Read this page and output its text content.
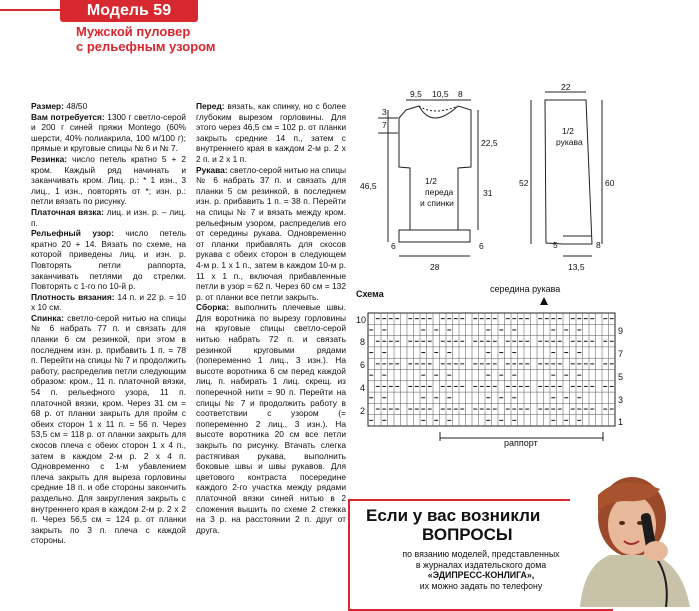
Модель 59
Мужской пуловер
с рельефным узором

Размер: 48/50

Вам потребуется: 1300 г светло-серой и 200 г синей пряжи Montego (60% шерсти, 40% полиакрила, 100 м/100 г); прямые и круговые спицы № 6 и № 7.

Резинка: число петель кратно 5 + 2 кром. Каждый ряд начинать и заканчивать кром. Лиц. р.: * 1 изн., 3 лиц., 1 изн., повторять от *; изн. р.: петли вязать по рисунку.

Платочная вязка: лиц. и изн. р. – лиц. п.

Рельефный узор: число петель кратно 20 + 14. Вязать по схеме, на которой приведены лиц. и изн. р. Повторять петли раппорта, заканчивать петлями до стрелки. Повторять с 1-го по 10-й р.

Плотность вязания: 14 п. и 22 р. = 10 х 10 см.

Спинка: светло-серой нитью на спицы № 6 набрать 77 п. и связать для планки 6 см резинкой, при этом в последнем изн. р. прибавить 1 п. = 78 п. Перейти на спицы № 7 и продолжить работу, распределив петли следующим образом: кром., 11 п. платочной вязки, 54 п. рельефного узора, 11 п. платочной вязки, кром. Через 31 см = 68 р. от планки закрыть для пройм с обеих сторон 1 х 11 п. = 56 п. Через 53,5 см = 118 р. от планки закрыть для скосов плеча с обеих сторон 1 х 4 п., затем в каждом 2-м р. 2 х 4 п. Одновременно с 1-м убавлением плеча закрыть для выреза горловины средние 18 п. и обе стороны закончить раздельно. Для закругления закрыть с внутреннего края в каждом 2-м р. 2 х 2 п. Через 56,5 см = 124 р. от планки закрыть по 3 п. плеча с каждой стороны.

Перед: вязать, как спинку, но с более глубоким вырезом горловины. Для этого через 46,5 см = 102 р. от планки закрыть средние 14 п., затем с внутреннего края в каждом 2-м р. 2 х 2 п. и 2 х 1 п.

Рукава: светло-серой нитью на спицы № 6 набрать 37 п. и связать для планки 5 см резинкой, в последнем изн. р. прибавить 1 п. = 38 п. Перейти на спицы № 7 и вязать между кром. рельефным узором, распределив его от середины рукава. Одновременно от планки прибавлять для скосов рукава с обеих сторон в следующем 4-м р. 1 х 1 п., затем в каждом 10-м р. 11 х 1 п., включая прибавленные петли в узор = 62 п. Через 60 см = 132 р. от планки все петли закрыть.

Сборка: выполнить плечевые швы. Для воротника по вырезу горловины на круговые спицы светло-серой нитью набрать 72 п. и связать резинкой круговыми рядами (попеременно 1 лиц., 3 изн.). На высоте воротника 6 см перед каждой лиц. п. набирать 1 лиц. скрещ. из поперечной нити = 90 п. Перейти на спицы № 7 и продолжить работу в соответствии с узором (= попеременно 2 лиц., 3 изн.). На высоте воротника 20 см все петли закрыть по рисунку. Втачать слегка растягивая рукава, выполнить боковые швы и швы рукавов. Для цветового контраста посередине каждого 2-го участка между рядами платочной вязки синей нитью в 2 сложения вышить по схеме 2 стежка на 3 р. на расстоянии 2 п. друг от друга.

9,5 10,5 8
3
7
22,5
31
46,5	1/2
переда
и спинки
6	6
28
22
1/2
рукава
52	60
5	8
13,5
Схема	середина рукава
10
8
6
4
2
9
7
5
3
1
раппорт
Если у вас возникли
ВОПРОСЫ
по вязанию моделей, представленных
в журналах издательского дома
«ЭДИПРЕСС-КОНЛИГА»,
их можно задать по телефону
